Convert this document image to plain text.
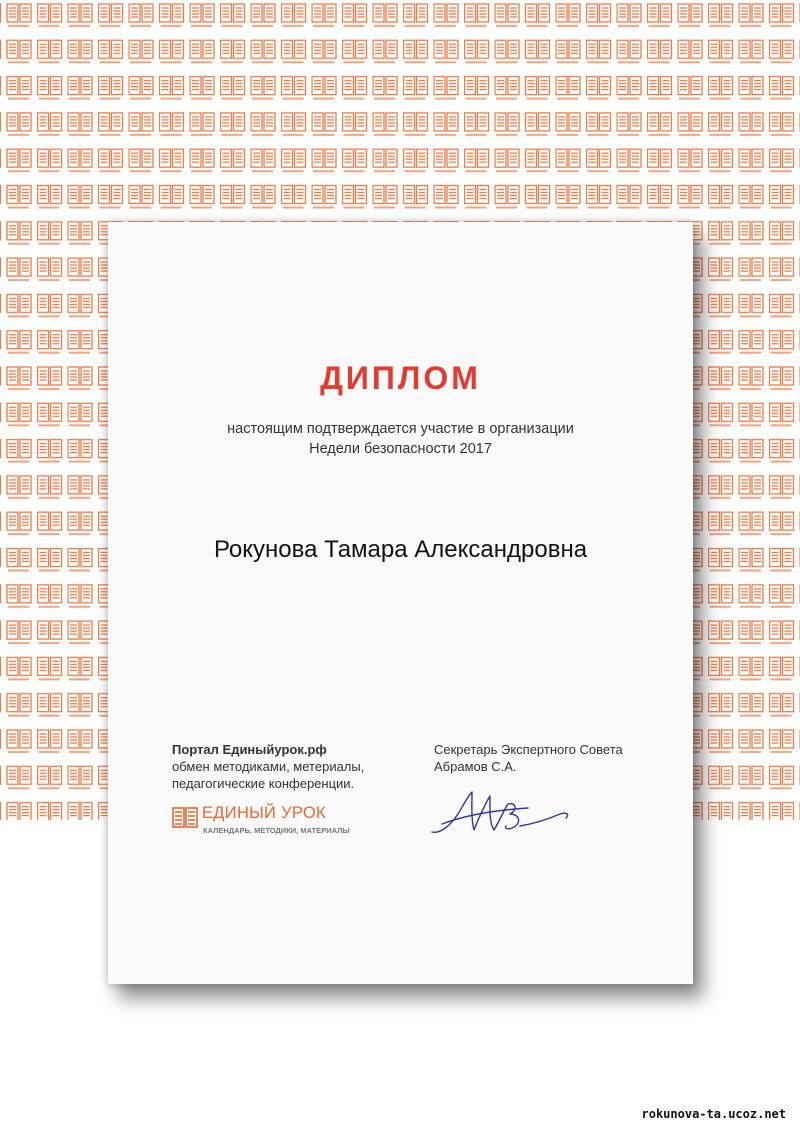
ДИПЛОМ
настоящим подтверждается участие в организации
Недели безопасности 2017
Рокунова Тамара Александровна
Портал Единыйурок.рф
обмен методиками, метериалы,
педагогические конференции.
ЕДИНЫЙ УРОК
КАЛЕНДАРЬ, МЕТОДИКИ, МАТЕРИАЛЫ
Секретарь Экспертного Совета
Абрамов С.А.
rokunova-ta.ucoz.net
